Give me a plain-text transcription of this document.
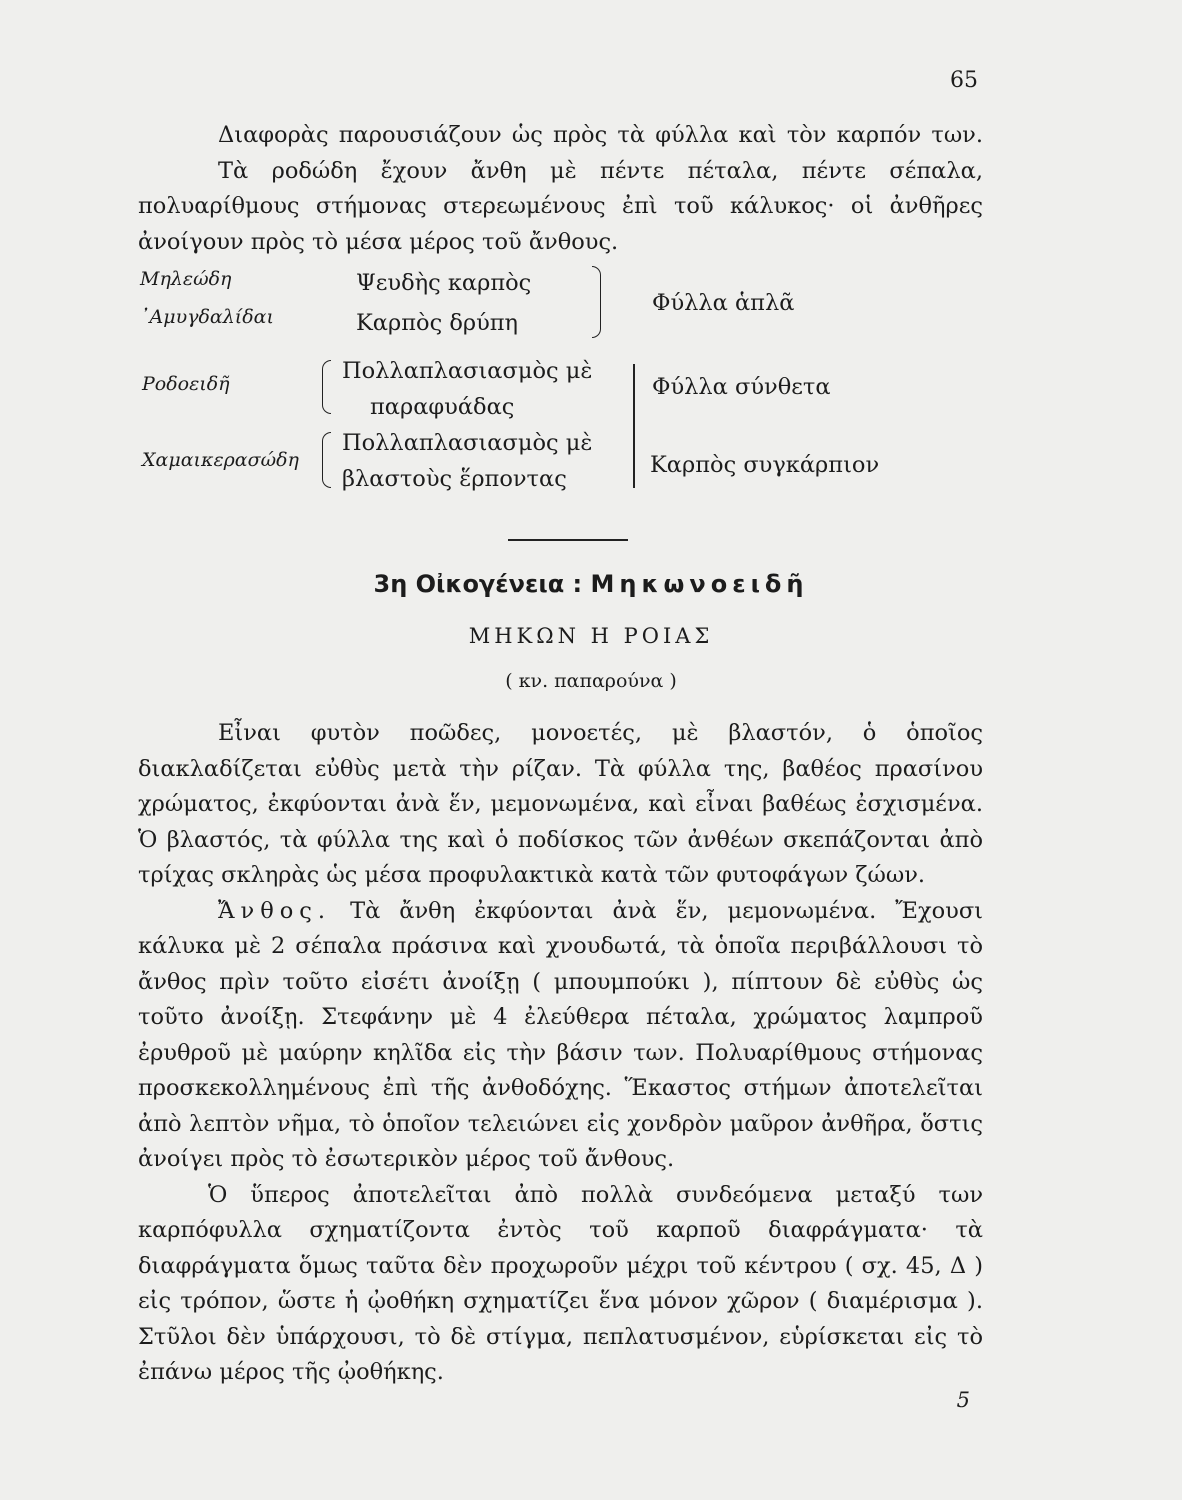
65

Διαφορὰς παρουσιάζουν ὡς πρὸς τὰ φύλλα καὶ τὸν καρπόν των.

Τὰ ροδώδη ἔχουν ἄνθη μὲ πέντε πέταλα, πέντε σέπαλα, πολυαρίθμους στήμονας στερεωμένους ἐπὶ τοῦ κάλυκος· οἱ ἀνθῆρες ἀνοίγουν πρὸς τὸ μέσα μέρος τοῦ ἄνθους.

Μηλεώδη
᾿Αμυγδαλίδαι
Ψευδὴς καρπὸς
Καρπὸς δρύπη
Φύλλα ἁπλᾶ
Ροδοειδῆ	Πολλαπλασιασμὸς μὲ
παραφυάδας
Χαμαικερασώδη
Πολλαπλασιασμὸς μὲ
βλαστοὺς ἕρποντας
Φύλλα σύνθετα
Καρπὸς συγκάρπιον
3η Οἰκογένεια : Μηκωνοειδῆ
ΜΗΚΩΝ Η ΡΟΙΑΣ
( κν. παπαρούνα )

Εἶναι φυτὸν ποῶδες, μονοετές, μὲ βλαστόν, ὁ ὁποῖος διακλαδίζεται εὐθὺς μετὰ τὴν ρίζαν. Τὰ φύλλα της, βαθέος πρασίνου χρώματος, ἐκφύονται ἀνὰ ἕν, μεμονωμένα, καὶ εἶναι βαθέως ἐσχισμένα. Ὁ βλαστός, τὰ φύλλα της καὶ ὁ ποδίσκος τῶν ἀνθέων σκεπάζονται ἀπὸ τρίχας σκληρὰς ὡς μέσα προφυλακτικὰ κατὰ τῶν φυτοφάγων ζώων.

Ἄνθος. Τὰ ἄνθη ἐκφύονται ἀνὰ ἕν, μεμονωμένα. Ἔχουσι κάλυκα μὲ 2 σέπαλα πράσινα καὶ χνουδωτά, τὰ ὁποῖα περιβάλλουσι τὸ ἄνθος πρὶν τοῦτο εἰσέτι ἀνοίξῃ ( μπουμπούκι ), πίπτουν δὲ εὐθὺς ὡς τοῦτο ἀνοίξῃ. Στεφάνην μὲ 4 ἐλεύθερα πέταλα, χρώματος λαμπροῦ ἐρυθροῦ μὲ μαύρην κηλῖδα εἰς τὴν βάσιν των. Πολυαρίθμους στήμονας προσκεκολλημένους ἐπὶ τῆς ἀνθοδόχης. Ἕκαστος στήμων ἀποτελεῖται ἀπὸ λεπτὸν νῆμα, τὸ ὁποῖον τελειώνει εἰς χονδρὸν μαῦρον ἀνθῆρα, ὅστις ἀνοίγει πρὸς τὸ ἐσωτερικὸν μέρος τοῦ ἄνθους.

Ὁ ὕπερος ἀποτελεῖται ἀπὸ πολλὰ συνδεόμενα μεταξύ των καρπόφυλλα σχηματίζοντα ἐντὸς τοῦ καρποῦ διαφράγματα· τὰ διαφράγματα ὅμως ταῦτα δὲν προχωροῦν μέχρι τοῦ κέντρου ( σχ. 45, Δ ) εἰς τρόπον, ὥστε ἡ ᾠοθήκη σχηματίζει ἕνα μόνον χῶρον ( διαμέρισμα ). Στῦλοι δὲν ὑπάρχουσι, τὸ δὲ στίγμα, πεπλατυσμένον, εὑρίσκεται εἰς τὸ ἐπάνω μέρος τῆς ᾠοθήκης.

5
